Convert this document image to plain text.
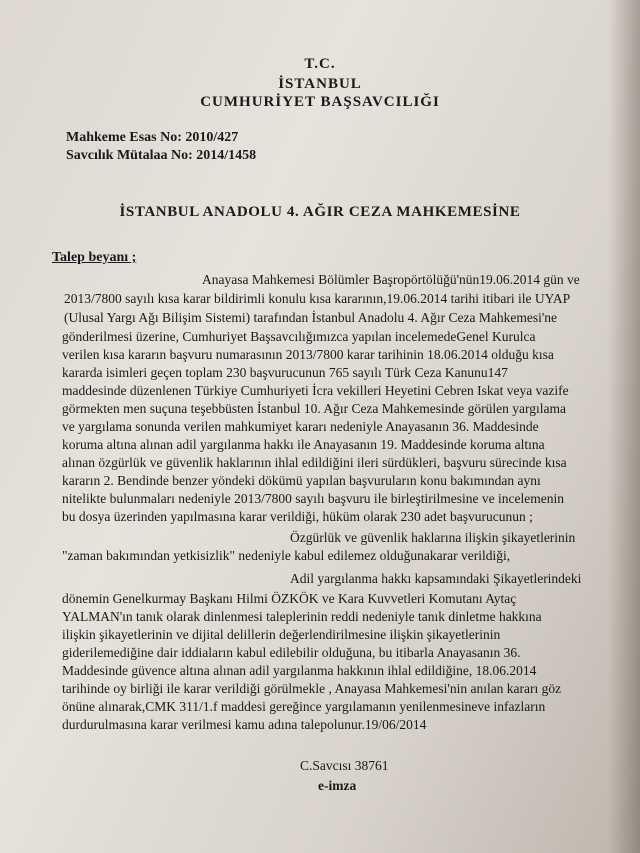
T.C.
İSTANBUL
CUMHURİYET BAŞSAVCILIĞI
Mahkeme Esas No: 2010/427
Savcılık Mütalaa No: 2014/1458
İSTANBUL ANADOLU 4. AĞIR CEZA MAHKEMESİNE
Talep beyanı ;
Anayasa Mahkemesi Bölümler Başropörtölüğü'nün19.06.2014 gün ve
2013/7800 sayılı kısa karar bildirimli konulu kısa kararının,19.06.2014 tarihi itibari ile UYAP
(Ulusal Yargı Ağı Bilişim Sistemi) tarafından İstanbul Anadolu 4. Ağır Ceza Mahkemesi'ne
gönderilmesi üzerine, Cumhuriyet Başsavcılığımızca yapılan incelemedeGenel Kurulca
verilen kısa kararın başvuru numarasının 2013/7800 karar tarihinin 18.06.2014 olduğu kısa
kararda isimleri geçen toplam 230 başvurucunun 765 sayılı Türk Ceza Kanunu147
maddesinde düzenlenen Türkiye Cumhuriyeti İcra vekilleri Heyetini Cebren Iskat veya vazife
görmekten men suçuna teşebbüsten İstanbul 10. Ağır Ceza Mahkemesinde görülen yargılama
ve yargılama sonunda verilen mahkumiyet kararı nedeniyle Anayasanın 36. Maddesinde
koruma altına alınan adil yargılanma hakkı ile Anayasanın 19. Maddesinde koruma altına
alınan özgürlük ve güvenlik haklarının ihlal edildiğini ileri sürdükleri, başvuru sürecinde kısa
kararın 2. Bendinde benzer yöndeki dökümü yapılan başvuruların konu bakımından aynı
nitelikte bulunmaları nedeniyle 2013/7800 sayılı başvuru ile birleştirilmesine ve incelemenin
bu dosya üzerinden yapılmasına karar verildiği, hüküm olarak 230 adet başvurucunun ;
Özgürlük ve güvenlik haklarına ilişkin şikayetlerinin
"zaman bakımından yetkisizlik" nedeniyle kabul edilemez olduğunakarar verildiği,
Adil yargılanma hakkı kapsamındaki Şikayetlerindeki
dönemin Genelkurmay Başkanı Hilmi ÖZKÖK ve Kara Kuvvetleri Komutanı Aytaç
YALMAN'ın tanık olarak dinlenmesi taleplerinin reddi nedeniyle tanık dinletme hakkına
ilişkin şikayetlerinin ve dijital delillerin değerlendirilmesine ilişkin şikayetlerinin
giderilemediğine dair iddiaların kabul edilebilir olduğuna, bu itibarla Anayasanın 36.
Maddesinde güvence altına alınan adil yargılanma hakkının ihlal edildiğine, 18.06.2014
tarihinde oy birliği ile karar verildiği görülmekle , Anayasa Mahkemesi'nin anılan kararı göz
önüne alınarak,CMK 311/1.f maddesi gereğince yargılamanın yenilenmesineve infazların
durdurulmasına karar verilmesi kamu adına talepolunur.19/06/2014
C.Savcısı 38761
e-imza
